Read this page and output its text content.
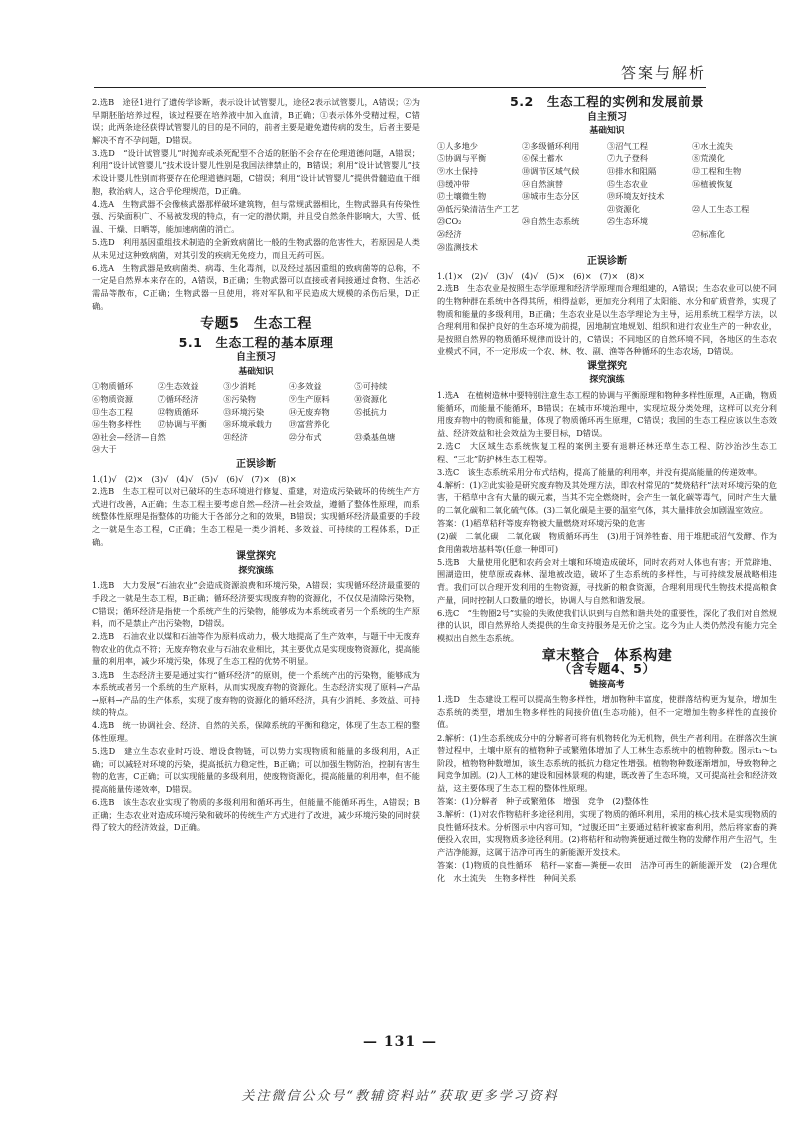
答案与解析

2.选B　途径1进行了遗传学诊断，表示设计试管婴儿，途径2表示试管婴儿，A错误；②为早期胚胎培养过程，该过程要在培养液中加入血清，B正确；①表示体外受精过程，C错误；此两条途径获得试管婴儿的目的是不同的，前者主要是避免遗传病的发生，后者主要是解决不育不孕问题，D错误。

3.选D　“设计试管婴儿”时抛弃或杀死配型不合适的胚胎不会存在伦理道德问题，A错误；利用“设计试管婴儿”技术设计婴儿性别是我国法律禁止的，B错误；利用“设计试管婴儿”技术设计婴儿性别而将要存在伦理道德问题，C错误；利用“设计试管婴儿”提供骨髓造血干细胞，救治病人，这合乎伦理规范，D正确。

4.选A　生物武器不会像核武器那样破坏建筑物，但与常规武器相比，生物武器具有传染性强、污染面积广、不易被发现的特点，有一定的潜伏期，并且受自然条件影响大，大雪、低温、干燥、日晒等，能加速病菌的消亡。

5.选D　利用基因重组技术制造的全新致病菌比一般的生物武器的危害性大，若原因是人类从未见过这种致病菌，对其引发的疾病无免疫力，而且无药可医。

6.选A　生物武器是致病菌类、病毒、生化毒剂，以及经过基因重组的致病菌等的总称，不一定是自然界本来存在的，A错误，B正确；生物武器可以直接或者间接通过食物、生活必需品等散布，C正确；生物武器一旦使用，将对军队和平民造成大规模的杀伤后果，D正确。

专题5　生态工程
5.1　生态工程的基本原理
自主预习
基础知识
①物质循环	②生态效益	③少消耗	④多效益	⑤可持续
⑥物质资源	⑦循环经济	⑧污染物	⑨生产原料	⑩资源化
⑪生态工程	⑫物质循环	⑬环境污染	⑭无废弃物	⑮抵抗力
⑯生物多样性	⑰协调与平衡	⑱环境承载力	⑲富营养化
⑳社会—经济—自然	㉑经济	㉒分布式	㉓桑基鱼塘
㉔大于
正误诊断

1.(1)√　(2)×　(3)√　(4)√　(5)√　(6)√　(7)×　(8)×

2.选B　生态工程可以对已破坏的生态环境进行修复、重建，对造成污染破坏的传统生产方式进行改善，A正确；生态工程主要考虑自然—经济—社会效益，遵循了整体性原理，而系统整体性原理是指整体的功能大于各部分之和的效果，B错误；实现循环经济最重要的手段之一就是生态工程，C正确；生态工程是一类少消耗、多效益、可持续的工程体系，D正确。

课堂探究
探究演练

1.选B　大力发展“石油农业”会造成资源浪费和环境污染，A错误；实现循环经济最重要的手段之一就是生态工程，B正确；循环经济要实现废弃物的资源化，不仅仅是清除污染物，C错误；循环经济是指使一个系统产生的污染物，能够成为本系统或者另一个系统的生产原料，而不是禁止产出污染物，D错误。

2.选B　石油农业以煤和石油等作为原料成动力，极大地提高了生产效率，与题干中无废弃物农业的优点不符；无废弃物农业与石油农业相比，其主要优点是实现废物资源化，提高能量的利用率，减少环境污染，体现了生态工程的优势不明显。

3.选B　生态经济主要是通过实行“循环经济”的原则，使一个系统产出的污染物，能够成为本系统或者另一个系统的生产原料，从而实现废弃物的资源化。生态经济实现了原料→产品→原料→产品的生产体系，实现了废弃物的资源化的循环经济，具有少消耗、多效益、可持续的特点。

4.选B　统一协调社会、经济、自然的关系，保障系统的平衡和稳定，体现了生态工程的整体性原理。

5.选D　建立生态农业时巧设、增设食物链，可以势力实现物质和能量的多级利用，A正确；可以减轻对环境的污染，提高抵抗力稳定性，B正确；可以加强生物防治，控制有害生物的危害，C正确；可以实现能量的多级利用，使废物资源化，提高能量的利用率，但不能提高能量传递效率，D错误。

6.选B　该生态农业实现了物质的多级利用和循环再生，但能量不能循环再生，A错误；B正确；生态农业对造成环境污染和破坏的传统生产方式进行了改进，减少环境污染的同时获得了较大的经济效益，D正确。

5.2　生态工程的实例和发展前景
自主预习
基础知识
①人多地少	②多级循环利用	③沼气工程	④水土流失
⑤协调与平衡	⑥保土蓄水	⑦九子登科	⑧荒漠化
⑨水土保持	⑩调节区域气候	⑪排水和阻隔	⑫工程和生物
⑬缓冲带	⑭自然演替	⑮生态农业	⑯植被恢复
⑰土壤微生物	⑱城市生态分区	⑲环境友好技术
⑳低污染清洁生产工艺	㉑资源化	㉒人工生态工程
㉓CO₂	㉔自然生态系统	㉕生态环境
㉖经济	㉗标准化
㉘监测技术
正误诊断

1.(1)×　(2)√　(3)√　(4)√　(5)×　(6)×　(7)×　(8)×

2.选B　生态农业是按照生态学原理和经济学原理而合理组建的，A错误；生态农业可以使不同的生物种群在系统中各得其所，相得益彰，更加充分利用了太阳能、水分和矿质营养，实现了物质和能量的多级利用，B正确；生态农业是以生态学理论为主导，运用系统工程学方法，以合理利用和保护良好的生态环境为前提，因地制宜地规划、组织和进行农业生产的一种农业，是按照自然界的物质循环规律而设计的，C错误；不同地区的自然环境不同，各地区的生态农业模式不同，不一定形成一个农、林、牧、副、渔等各种循环的生态农场，D错误。

课堂探究
探究演练

1.选A　在植树造林中要特别注意生态工程的协调与平衡原理和物种多样性原理，A正确，物质能循环，而能量不能循环，B错误；在城市环境治理中，实现垃圾分类处理，这样可以充分利用废弃物中的物质和能量，体现了物质循环再生原理，C错误；我国的生态工程应该以生态效益、经济效益和社会效益为主要目标，D错误。

2.选C　大区域生态系统恢复工程的案例主要有退耕还林还草生态工程、防沙治沙生态工程、“三北”防护林生态工程等。

3.选C　该生态系统采用分布式结构，提高了能量的利用率，并没有提高能量的传递效率。

4.解析：(1)②此实验是研究废弃物及其处理方法，即农村常见的“焚烧秸秆”法对环境污染的危害，干稻草中含有大量的碳元素，当其不完全燃烧时，会产生一氧化碳等毒气，同时产生大量的二氧化碳和二氧化硫气体。(3)二氧化碳是主要的温室气体，其大量排放会加剧温室效应。

答案：(1)稻草秸秆等废弃物被大量燃烧对环境污染的危害

(2)碳　二氧化碳　二氧化碳　物质循环再生　(3)用于饲养牲畜、用于堆肥或沼气发酵、作为食用菌栽培基料等(任意一种即可)

5.选B　大量使用化肥和农药会对土壤和环境造成破坏，同时农药对人体也有害；开荒辟地、围湖造田，使草原或森林、湿地被改造，破坏了生态系统的多样性，与可持续发展战略相违背。我们可以合理开发利用的生物资源，寻找新的粮食资源，合理利用现代生物技术提高粮食产量，同时控制人口数量的增长，协调人与自然和谐发展。

6.选C　“生物圈2号”实验的失败使我们认识到与自然和谐共处的重要性，深化了我们对自然规律的认识，即自然界给人类提供的生命支持服务是无价之宝。迄今为止人类仍然没有能力完全模拟出自然生态系统。

章末整合　体系构建
（含专题4、5）
链接高考

1.选D　生态建设工程可以提高生物多样性，增加物种丰富度，使群落结构更为复杂，增加生态系统的类型，增加生物多样性的间接价值(生态功能)，但不一定增加生物多样性的直接价值。

2.解析：(1)生态系统成分中的分解者可将有机物转化为无机物，供生产者利用。在群落次生演替过程中，土壤中原有的植物种子或繁殖体增加了人工林生态系统中的植物种数。图示t₁～t₃阶段，植物物种数增加，该生态系统的抵抗力稳定性增强。植物物种数逐渐增加，导致物种之间竞争加剧。(2)人工林的建设和园林景观的构建，既改善了生态环境，又可提高社会和经济效益，这主要体现了生态工程的整体性原理。

答案：(1)分解者　种子或繁殖体　增强　竞争　(2)整体性

3.解析：(1)对农作物秸秆多途径利用，实现了物质的循环利用，采用的核心技术是实现物质的良性循环技术。分析图示中内容可知，“过腹还田”主要通过秸秆被家畜利用，然后将家畜的粪便投入农田，实现物质多途径利用。(2)将秸秆和动物粪便通过微生物的发酵作用产生沼气，生产洁净能源，这属于洁净可再生的新能源开发技术。

答案：(1)物质的良性循环　秸秆—家畜—粪便—农田　洁净可再生的新能源开发　(2)合理优化　水土流失　生物多样性　种间关系

— 131 —
关注微信公众号“教辅资料站”获取更多学习资料
